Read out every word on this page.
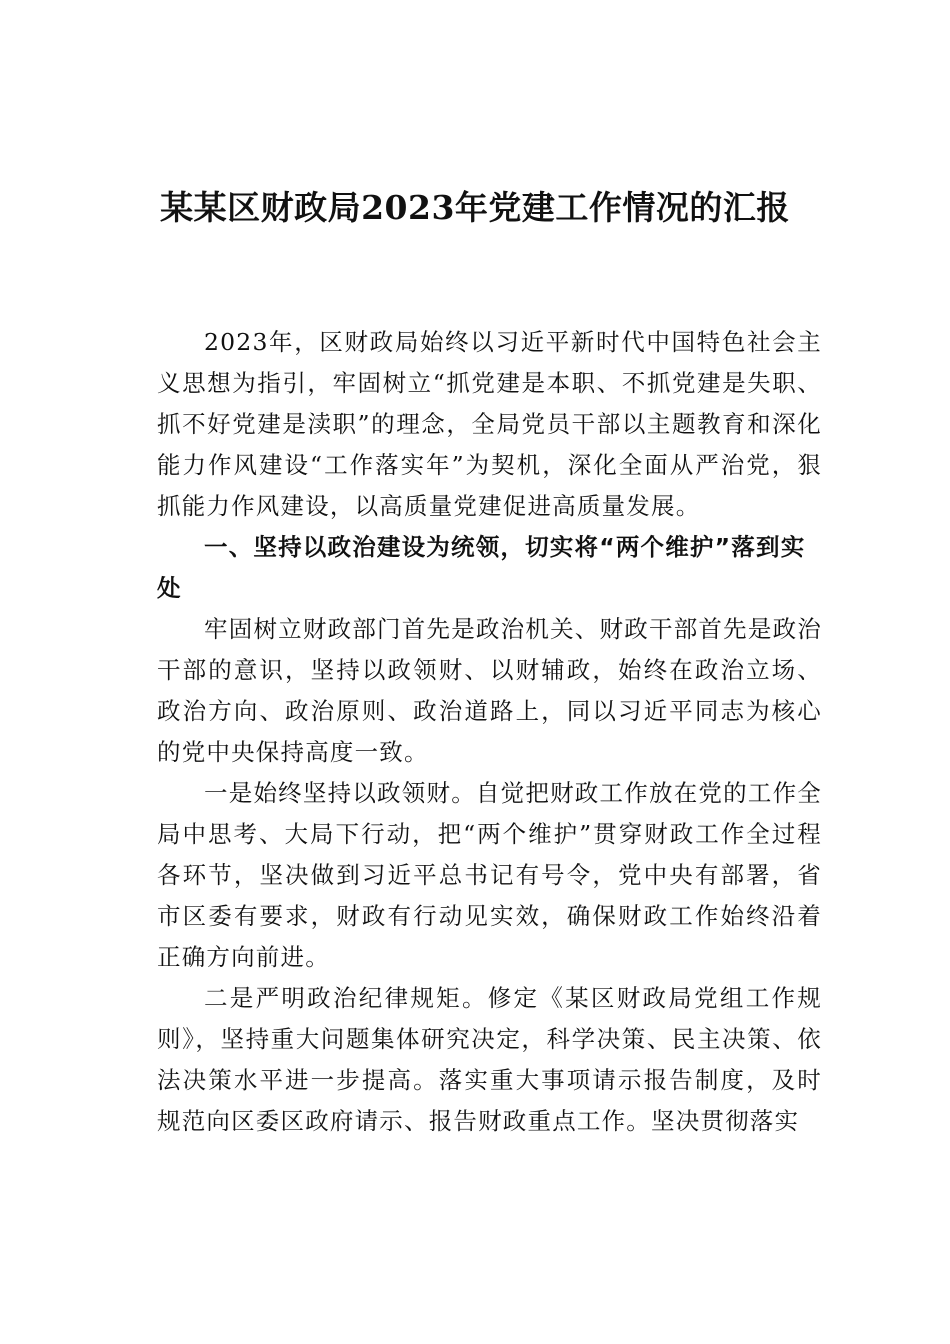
某某区财政局2023年党建工作情况的汇报

2023年，区财政局始终以习近平新时代中国特色社会主义思想为指引，牢固树立“抓党建是本职、不抓党建是失职、抓不好党建是渎职”的理念，全局党员干部以主题教育和深化能力作风建设“工作落实年”为契机，深化全面从严治党，狠抓能力作风建设，以高质量党建促进高质量发展。

一、坚持以政治建设为统领，切实将“两个维护”落到实处

牢固树立财政部门首先是政治机关、财政干部首先是政治干部的意识，坚持以政领财、以财辅政，始终在政治立场、政治方向、政治原则、政治道路上，同以习近平同志为核心的党中央保持高度一致。

一是始终坚持以政领财。自觉把财政工作放在党的工作全局中思考、大局下行动，把“两个维护”贯穿财政工作全过程各环节，坚决做到习近平总书记有号令，党中央有部署，省市区委有要求，财政有行动见实效，确保财政工作始终沿着正确方向前进。

二是严明政治纪律规矩。修定《某区财政局党组工作规则》，坚持重大问题集体研究决定，科学决策、民主决策、依法决策水平进一步提高。落实重大事项请示报告制度，及时规范向区委区政府请示、报告财政重点工作。坚决贯彻落实
